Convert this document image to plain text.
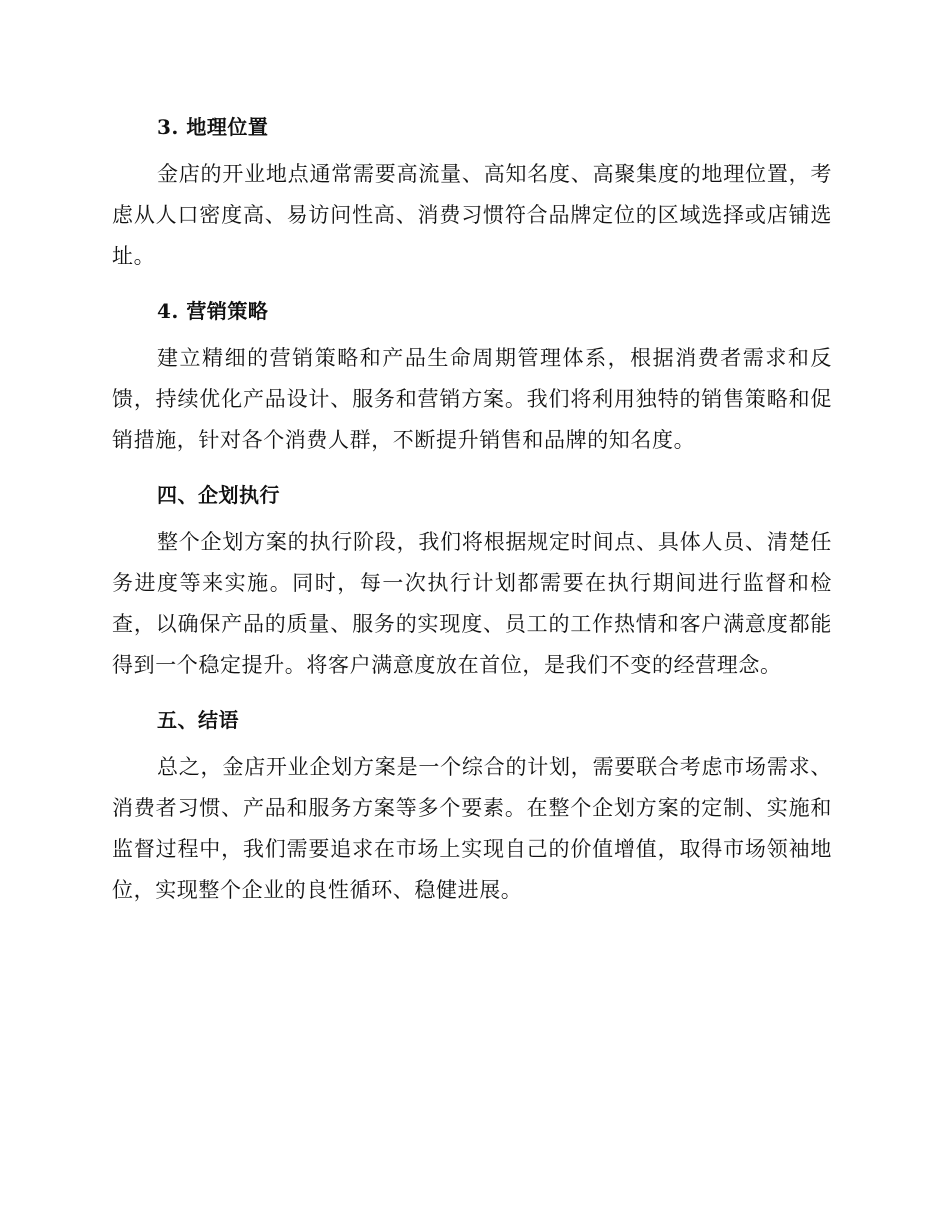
3. 地理位置

金店的开业地点通常需要高流量、高知名度、高聚集度的地理位置，考虑从人口密度高、易访问性高、消费习惯符合品牌定位的区域选择或店铺选址。

4. 营销策略

建立精细的营销策略和产品生命周期管理体系，根据消费者需求和反馈，持续优化产品设计、服务和营销方案。我们将利用独特的销售策略和促销措施，针对各个消费人群，不断提升销售和品牌的知名度。

四、企划执行

整个企划方案的执行阶段，我们将根据规定时间点、具体人员、清楚任务进度等来实施。同时，每一次执行计划都需要在执行期间进行监督和检查，以确保产品的质量、服务的实现度、员工的工作热情和客户满意度都能得到一个稳定提升。将客户满意度放在首位，是我们不变的经营理念。

五、结语

总之，金店开业企划方案是一个综合的计划，需要联合考虑市场需求、消费者习惯、产品和服务方案等多个要素。在整个企划方案的定制、实施和监督过程中，我们需要追求在市场上实现自己的价值增值，取得市场领袖地位，实现整个企业的良性循环、稳健进展。
